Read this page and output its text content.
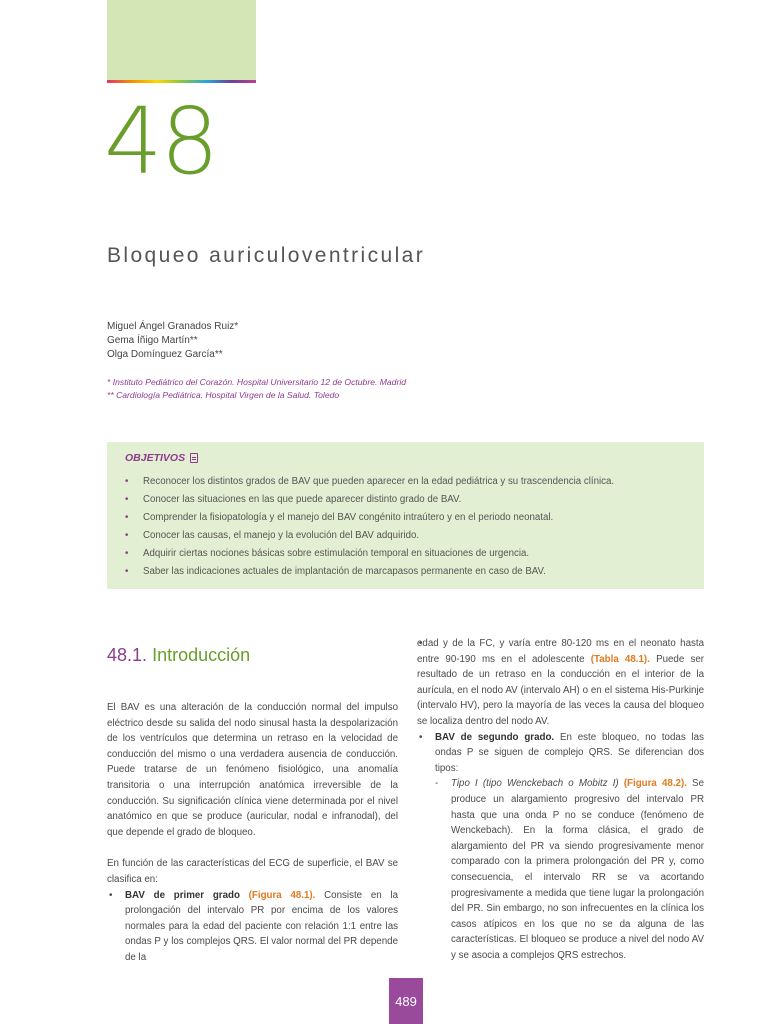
48
Bloqueo auriculoventricular
Miguel Ángel Granados Ruiz*
Gema Íñigo Martín**
Olga Domínguez García**
* Instituto Pediátrico del Corazón. Hospital Universitario 12 de Octubre. Madrid
** Cardiología Pediátrica. Hospital Virgen de la Salud. Toledo
OBJETIVOS
• Reconocer los distintos grados de BAV que pueden aparecer en la edad pediátrica y su trascendencia clínica.
• Conocer las situaciones en las que puede aparecer distinto grado de BAV.
• Comprender la fisiopatología y el manejo del BAV congénito intraútero y en el periodo neonatal.
• Conocer las causas, el manejo y la evolución del BAV adquirido.
• Adquirir ciertas nociones básicas sobre estimulación temporal en situaciones de urgencia.
• Saber las indicaciones actuales de implantación de marcapasos permanente en caso de BAV.
48.1. Introducción

El BAV es una alteración de la conducción normal del impulso eléctrico desde su salida del nodo sinusal hasta la despolarización de los ventrículos que determina un retraso en la velocidad de conducción del mismo o una verdadera ausencia de conducción. Puede tratarse de un fenómeno fisiológico, una anomalía transitoria o una interrupción anatómica irreversible de la conducción. Su significación clínica viene determinada por el nivel anatómico en que se produce (auricular, nodal e infranodal), del que depende el grado de bloqueo.

En función de las características del ECG de superficie, el BAV se clasifica en:

• BAV de primer grado (Figura 48.1). Consiste en la prolongación del intervalo PR por encima de los valores normales para la edad del paciente con relación 1:1 entre las ondas P y los complejos QRS. El valor normal del PR depende de la

• edad y de la FC, y varía entre 80-120 ms en el neonato hasta entre 90-190 ms en el adolescente (Tabla 48.1). Puede ser resultado de un retraso en la conducción en el interior de la aurícula, en el nodo AV (intervalo AH) o en el sistema His-Purkinje (intervalo HV), pero la mayoría de las veces la causa del bloqueo se localiza dentro del nodo AV.

• BAV de segundo grado. En este bloqueo, no todas las ondas P se siguen de complejo QRS. Se diferencian dos tipos:

- Tipo I (tipo Wenckebach o Mobitz I) (Figura 48.2). Se produce un alargamiento progresivo del intervalo PR hasta que una onda P no se conduce (fenómeno de Wenckebach). En la forma clásica, el grado de alargamiento del PR va siendo progresivamente menor comparado con la primera prolongación del PR y, como consecuencia, el intervalo RR se va acortando progresivamente a medida que tiene lugar la prolongación del PR. Sin embargo, no son infrecuentes en la clínica los casos atípicos en los que no se da alguna de las características. El bloqueo se produce a nivel del nodo AV y se asocia a complejos QRS estrechos.

489
